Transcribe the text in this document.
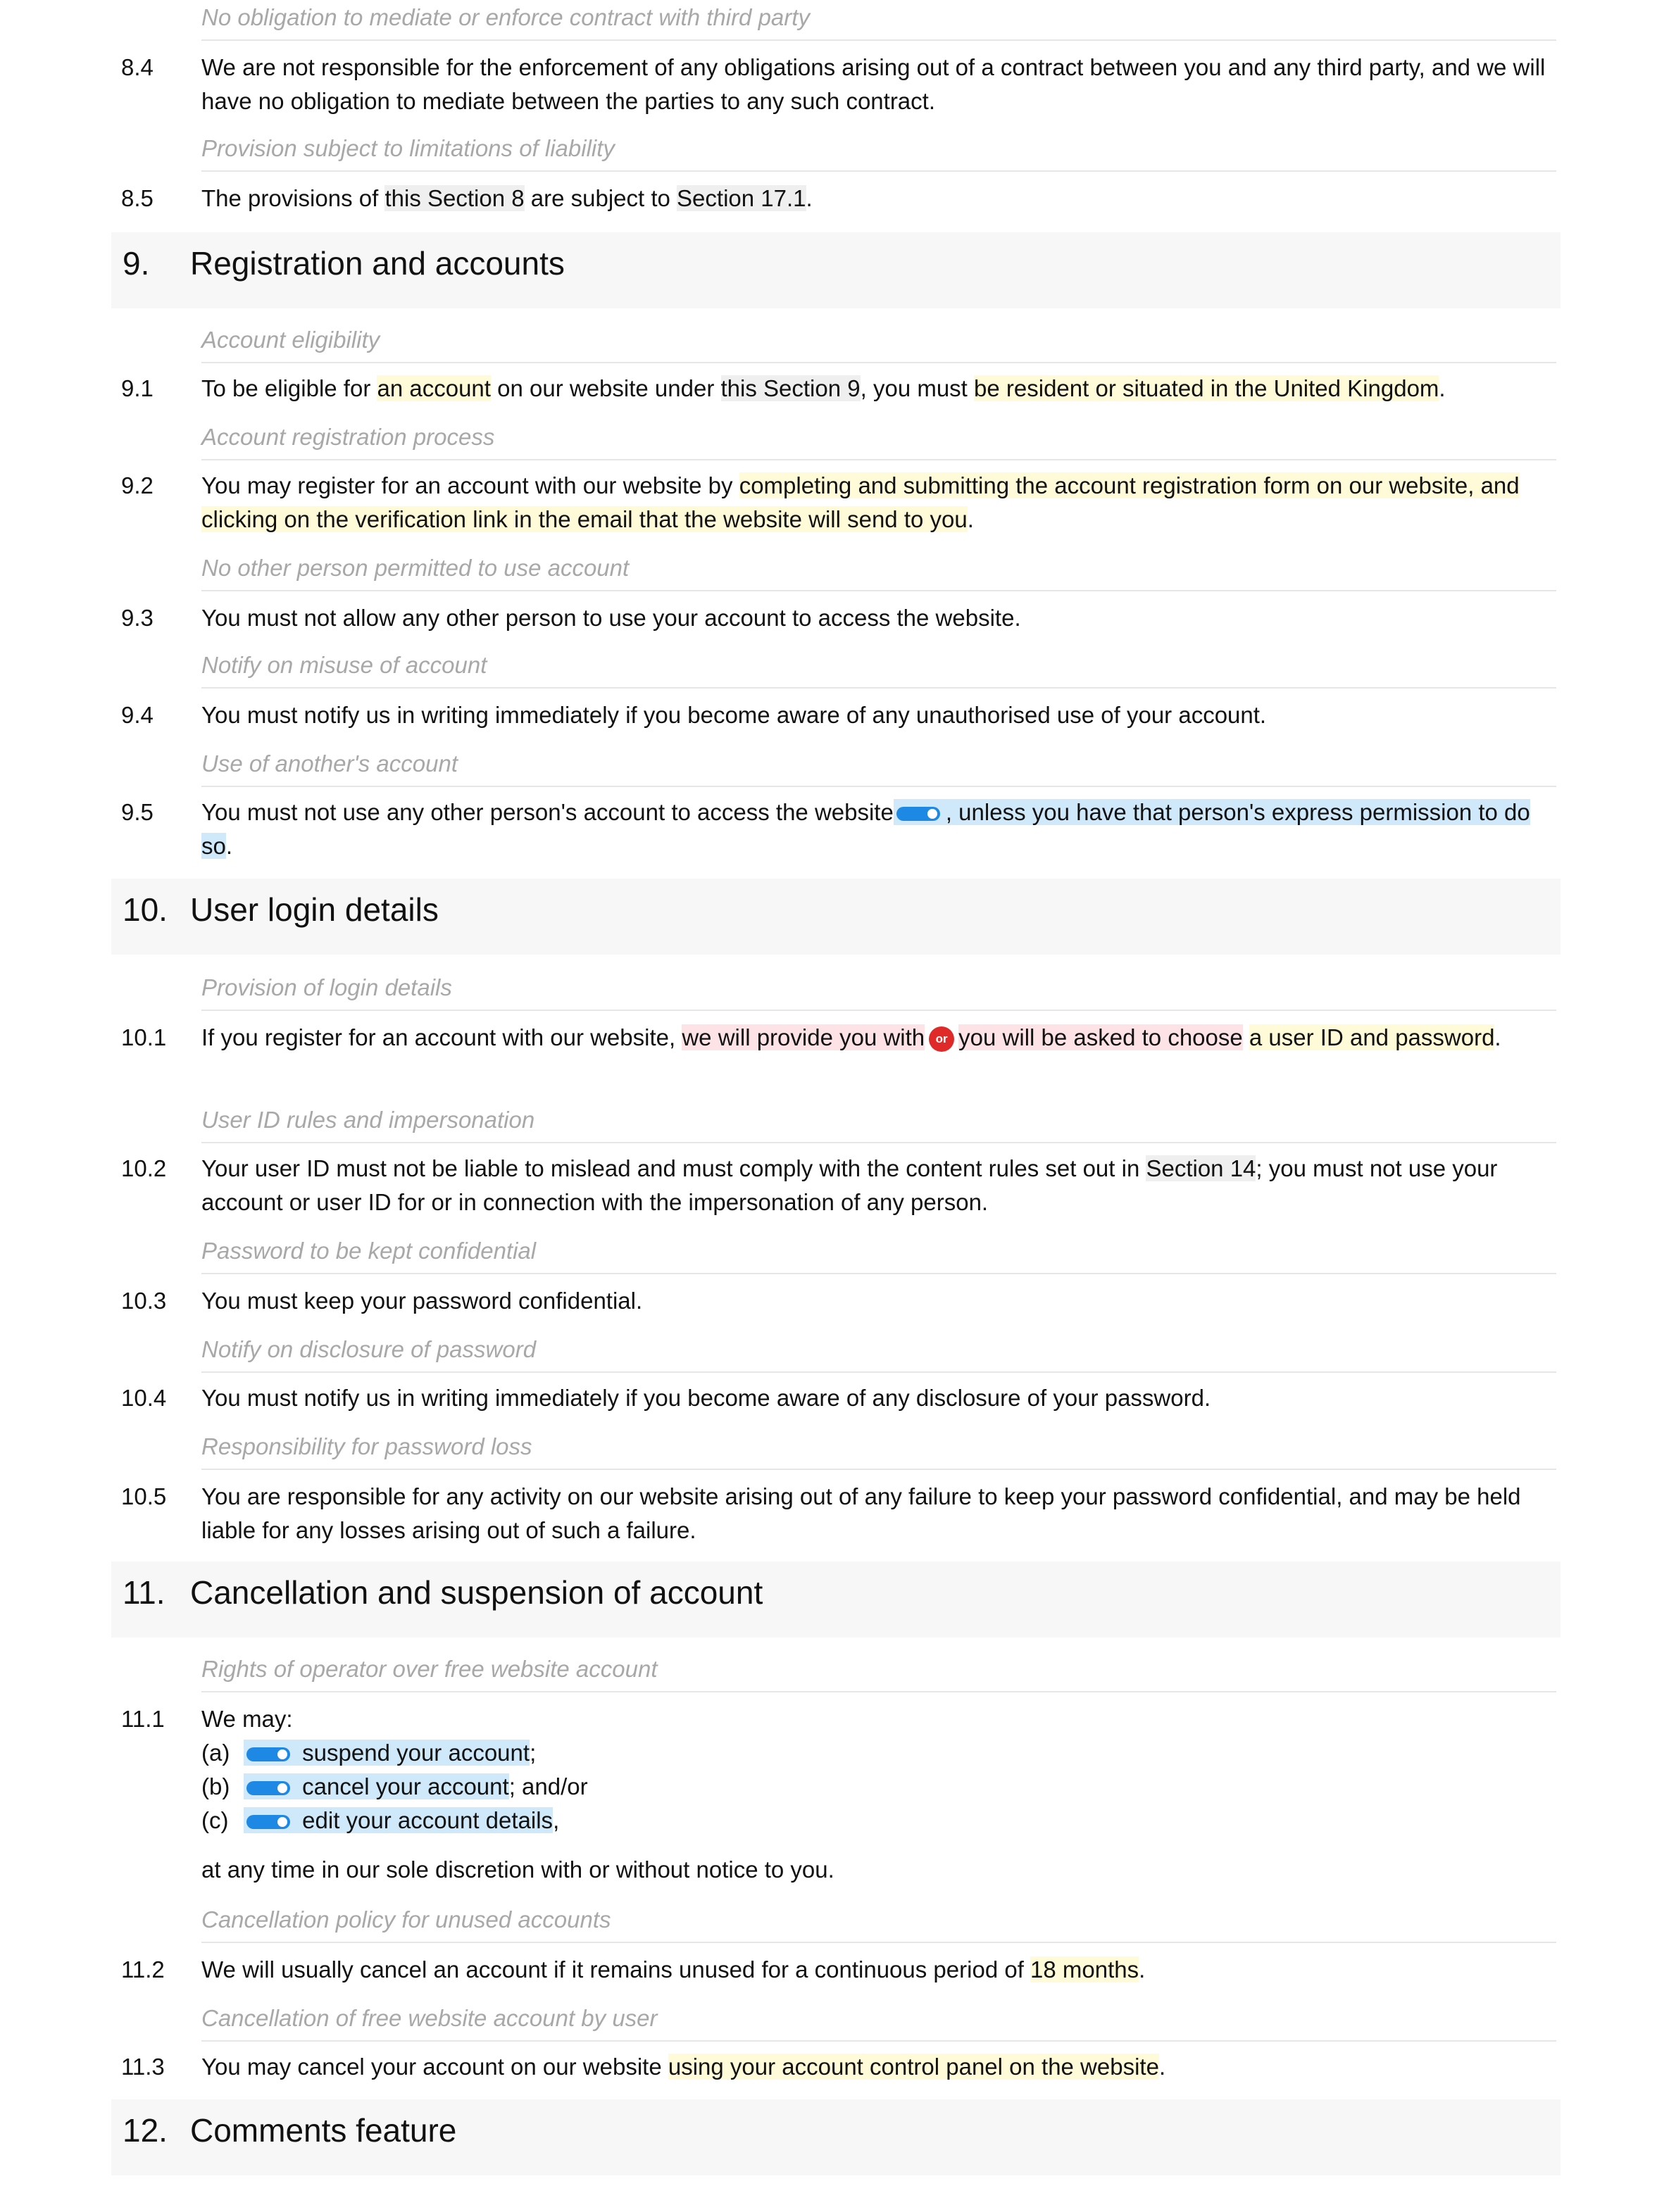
No obligation to mediate or enforce contract with third party
8.4 We are not responsible for the enforcement of any obligations arising out of a contract between you and any third party, and we will have no obligation to mediate between the parties to any such contract.
Provision subject to limitations of liability
8.5 The provisions of this Section 8 are subject to Section 17.1.
9. Registration and accounts
Account eligibility
9.1 To be eligible for an account on our website under this Section 9, you must be resident or situated in the United Kingdom.
Account registration process
9.2 You may register for an account with our website by completing and submitting the account registration form on our website, and clicking on the verification link in the email that the website will send to you.
No other person permitted to use account
9.3 You must not allow any other person to use your account to access the website.
Notify on misuse of account
9.4 You must notify us in writing immediately if you become aware of any unauthorised use of your account.
Use of another's account
9.5 You must not use any other person's account to access the website , unless you have that person's express permission to do so.
10. User login details
Provision of login details
10.1 If you register for an account with our website, we will provide you with or you will be asked to choose a user ID and password.
User ID rules and impersonation
10.2 Your user ID must not be liable to mislead and must comply with the content rules set out in Section 14; you must not use your account or user ID for or in connection with the impersonation of any person.
Password to be kept confidential
10.3 You must keep your password confidential.
Notify on disclosure of password
10.4 You must notify us in writing immediately if you become aware of any disclosure of your password.
Responsibility for password loss
10.5 You are responsible for any activity on our website arising out of any failure to keep your password confidential, and may be held liable for any losses arising out of such a failure.
11. Cancellation and suspension of account
Rights of operator over free website account
11.1 We may:
(a)	suspend your account;
(b)	cancel your account; and/or
(c)	edit your account details,
at any time in our sole discretion with or without notice to you.
Cancellation policy for unused accounts
11.2 We will usually cancel an account if it remains unused for a continuous period of 18 months.
Cancellation of free website account by user
11.3 You may cancel your account on our website using your account control panel on the website.
12. Comments feature
